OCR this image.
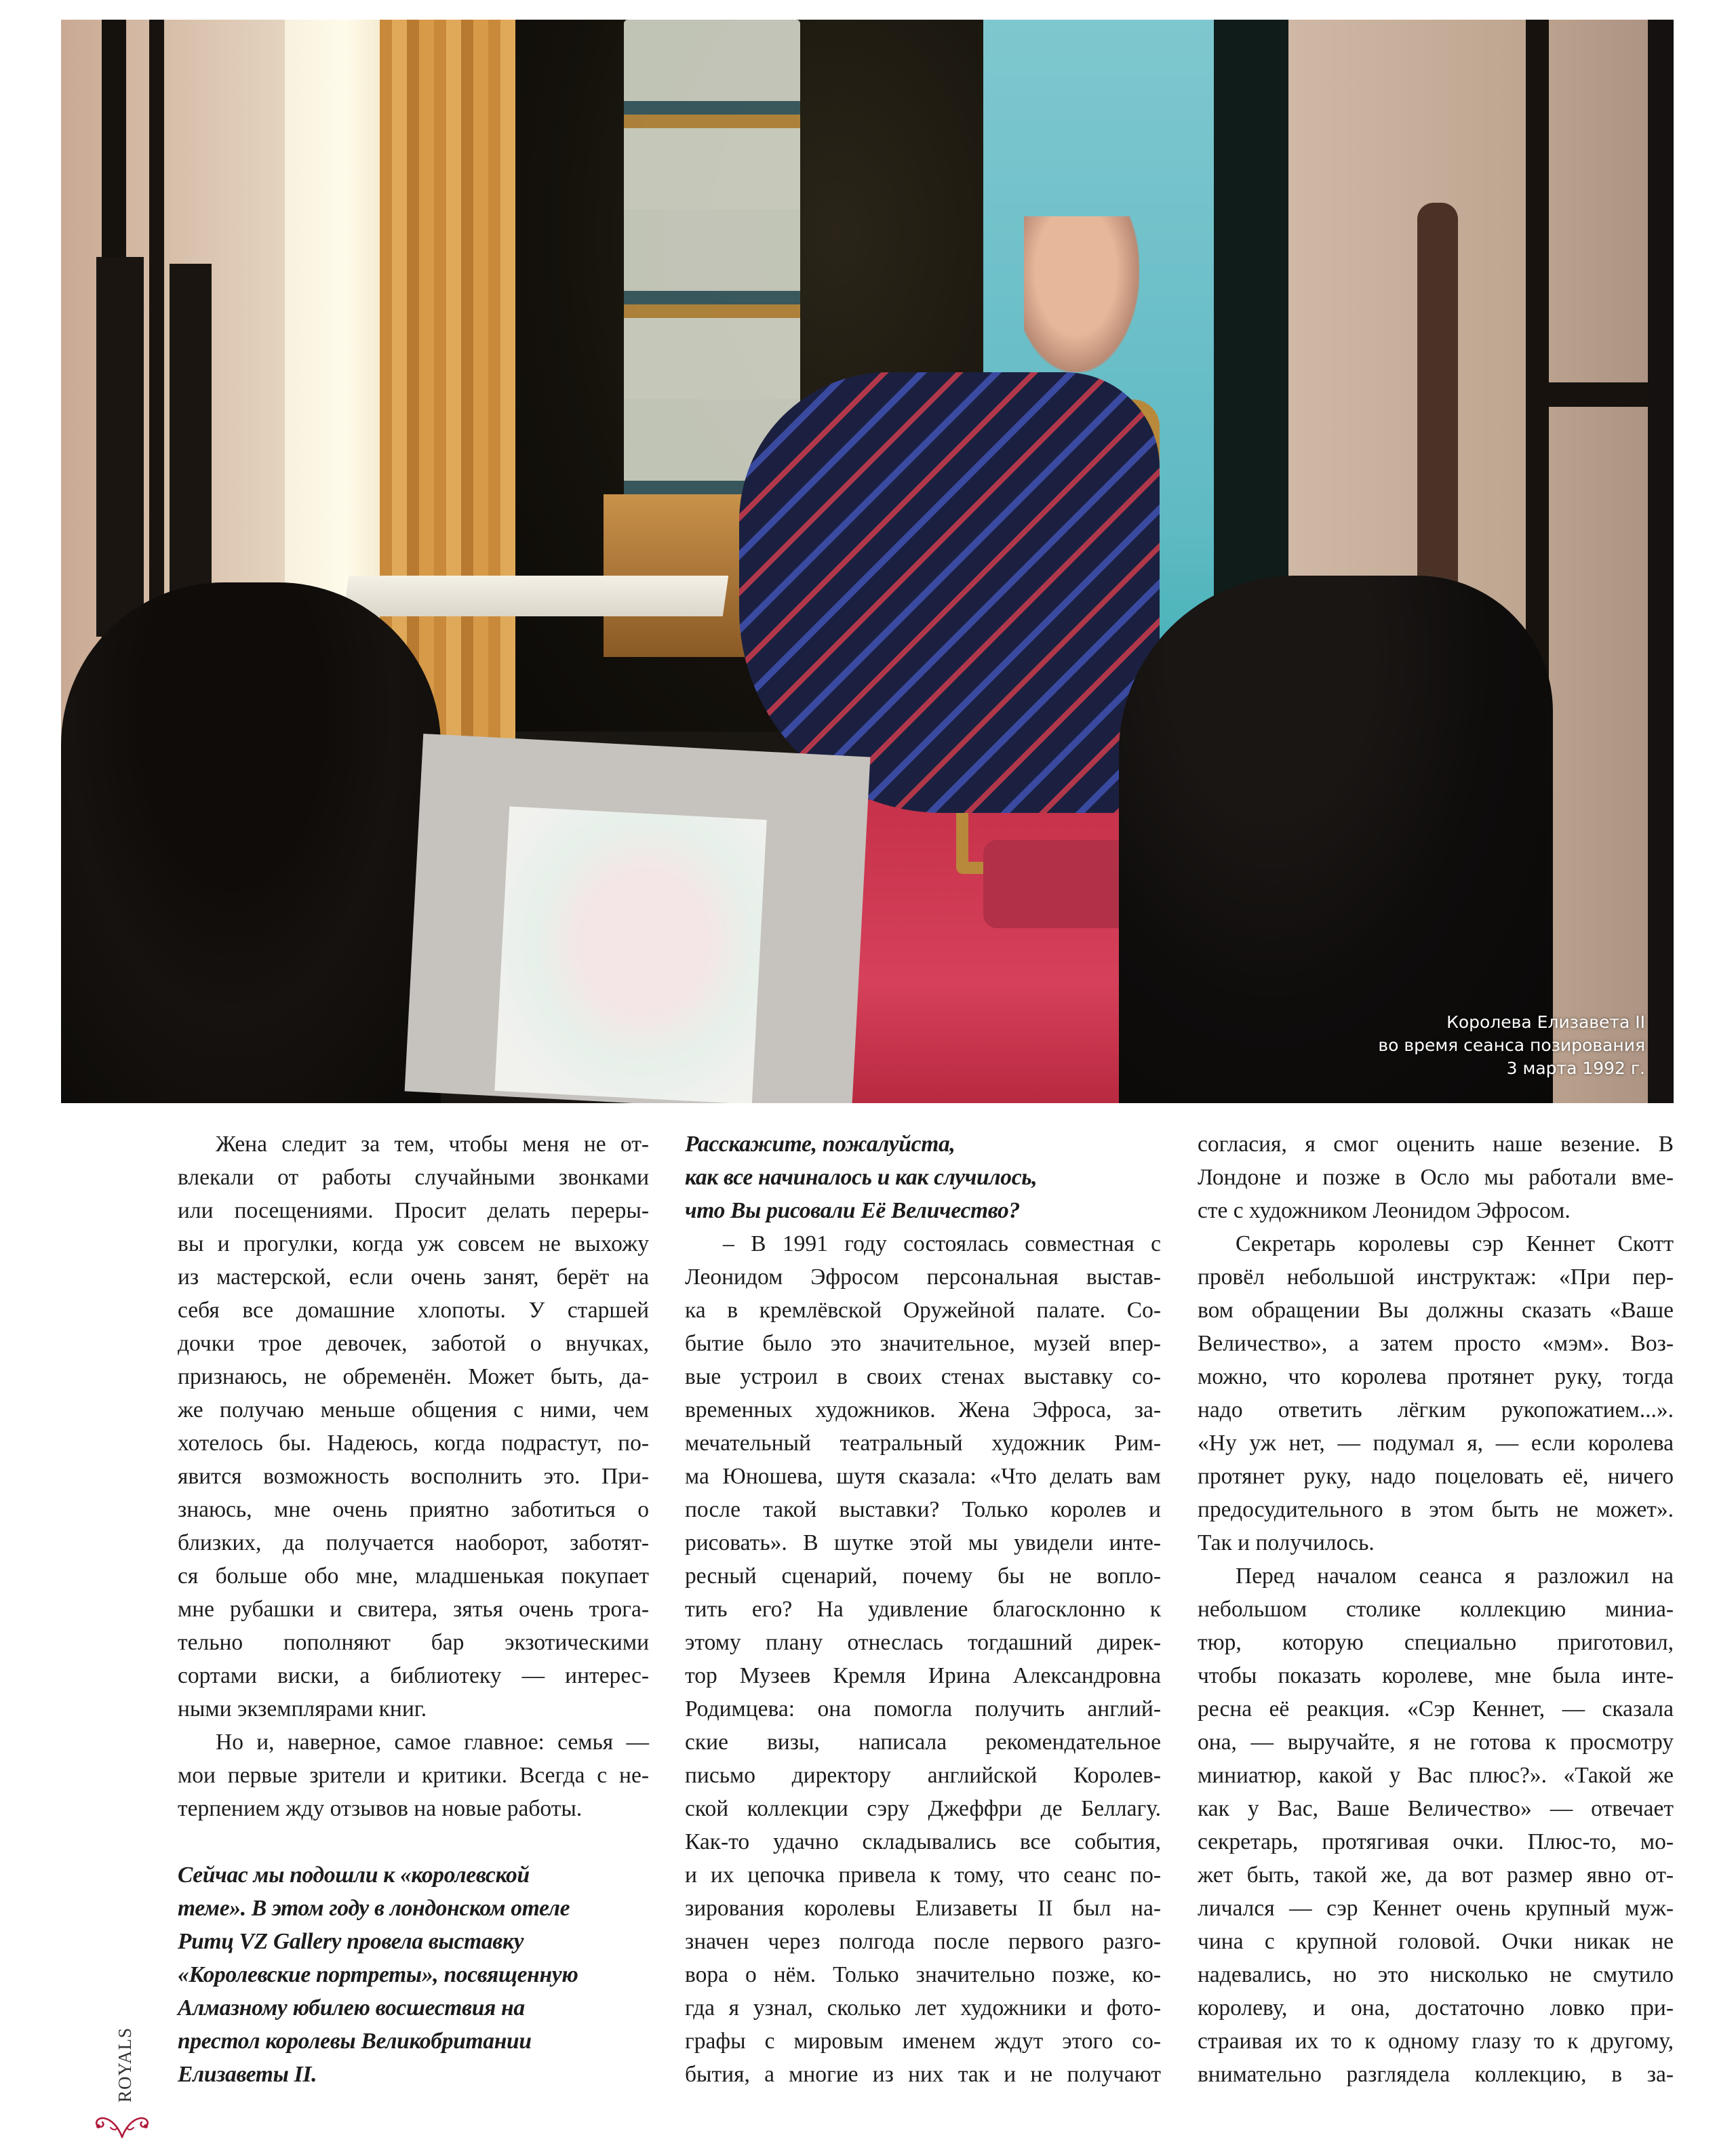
Королева Елизавета II
во время сеанса позирования
3 марта 1992 г.

Жена следит за тем, чтобы меня не от-
влекали от работы случайными звонками
или посещениями. Просит делать переры-
вы и прогулки, когда уж совсем не выхожу
из мастерской, если очень занят, берёт на
себя все домашние хлопоты. У старшей
дочки трое девочек, заботой о внучках,
признаюсь, не обременён. Может быть, да-
же получаю меньше общения с ними, чем
хотелось бы. Надеюсь, когда подрастут, по-
явится возможность восполнить это. При-
знаюсь, мне очень приятно заботиться о
близких, да получается наоборот, заботят-
ся больше обо мне, младшенькая покупает
мне рубашки и свитера, зятья очень трога-
тельно пополняют бар экзотическими
сортами виски, а библиотеку — интерес-
ными экземплярами книг.

Но и, наверное, самое главное: семья —
мои первые зрители и критики. Всегда с не-
терпением жду отзывов на новые работы.

Сейчас мы подошли к «королевской
теме». В этом году в лондонском отеле
Ритц VZ Gallery провела выставку
«Королевские портреты», посвященную
Алмазному юбилею восшествия на
престол королевы Великобритании
Елизаветы II.

Расскажите, пожалуйста,
как все начиналось и как случилось,
что Вы рисовали Её Величество?

– В 1991 году состоялась совместная с
Леонидом Эфросом персональная выстав-
ка в кремлёвской Оружейной палате. Со-
бытие было это значительное, музей впер-
вые устроил в своих стенах выставку со-
временных художников. Жена Эфроса, за-
мечательный театральный художник Рим-
ма Юношева, шутя сказала: «Что делать вам
после такой выставки? Только королев и
рисовать». В шутке этой мы увидели инте-
ресный сценарий, почему бы не вопло-
тить его? На удивление благосклонно к
этому плану отнеслась тогдашний дирек-
тор Музеев Кремля Ирина Александровна
Родимцева: она помогла получить англий-
ские визы, написала рекомендательное
письмо директору английской Королев-
ской коллекции сэру Джеффри де Беллагу.
Как-то удачно складывались все события,
и их цепочка привела к тому, что сеанс по-
зирования королевы Елизаветы II был на-
значен через полгода после первого разго-
вора о нём. Только значительно позже, ко-
гда я узнал, сколько лет художники и фото-
графы с мировым именем ждут этого со-
бытия, а многие из них так и не получают

согласия, я смог оценить наше везение. В
Лондоне и позже в Осло мы работали вме-
сте с художником Леонидом Эфросом.

Секретарь королевы сэр Кеннет Скотт
провёл небольшой инструктаж: «При пер-
вом обращении Вы должны сказать «Ваше
Величество», а затем просто «мэм». Воз-
можно, что королева протянет руку, тогда
надо ответить лёгким рукопожатием...».
«Ну уж нет, — подумал я, — если королева
протянет руку, надо поцеловать её, ничего
предосудительного в этом быть не может».
Так и получилось.

Перед началом сеанса я разложил на
небольшом столике коллекцию миниа-
тюр, которую специально приготовил,
чтобы показать королеве, мне была инте-
ресна её реакция. «Сэр Кеннет, — сказала
она, — выручайте, я не готова к просмотру
миниатюр, какой у Вас плюс?». «Такой же
как у Вас, Ваше Величество» — отвечает
секретарь, протягивая очки. Плюс-то, мо-
жет быть, такой же, да вот размер явно от-
личался — сэр Кеннет очень крупный муж-
чина с крупной головой. Очки никак не
надевались, но это нисколько не смутило
королеву, и она, достаточно ловко при-
страивая их то к одному глазу то к другому,
внимательно разглядела коллекцию, в за-

ROYALS
